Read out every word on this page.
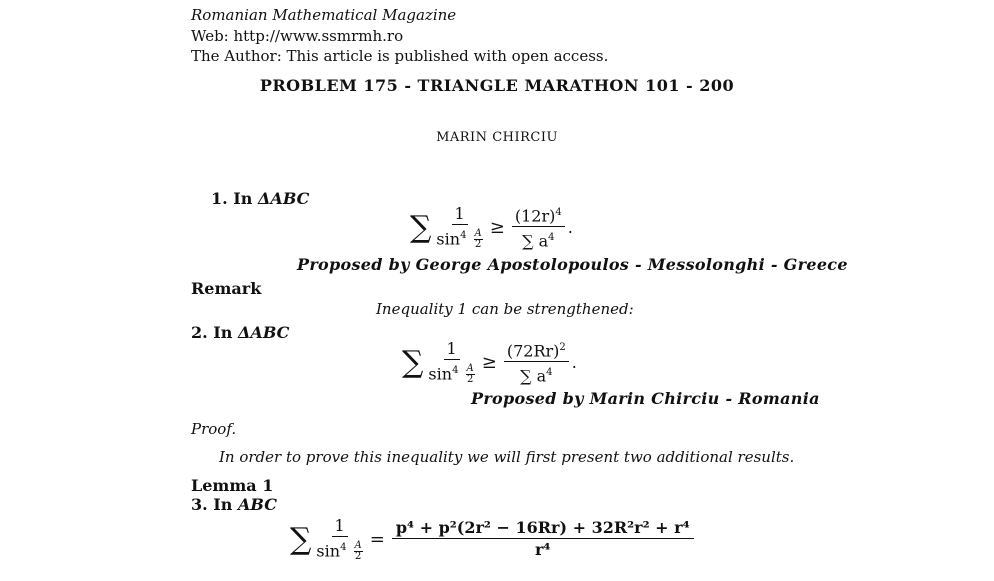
Romanian Mathematical Magazine
Web: http://www.ssmrmh.ro
The Author: This article is published with open access.
PROBLEM 175 - TRIANGLE MARATHON 101 - 200
MARIN CHIRCIU
1. In ΔABC
∑ $\frac{1}{\sin^4 \frac{A}{2}} \ge \frac{(12r)^4}{\sum a^4}$ .
Proposed by George Apostolopoulos - Messolonghi - Greece
Remark
Inequality 1 can be strengthened:
2. In ΔABC
∑ $\frac{1}{\sin^4 \frac{A}{2}} \ge \frac{(72Rr)^2}{\sum a^4}$ .
Proposed by Marin Chirciu - Romania
Proof.
In order to prove this inequality we will first present two additional results.
Lemma 1
3. In ABC
∑ $\frac{1}{\sin^4 \frac{A}{2}} = \frac{\text{p⁴ + p²(2r² − 16Rr) + 32R²r² + r⁴}}{\text{r⁴}}$
